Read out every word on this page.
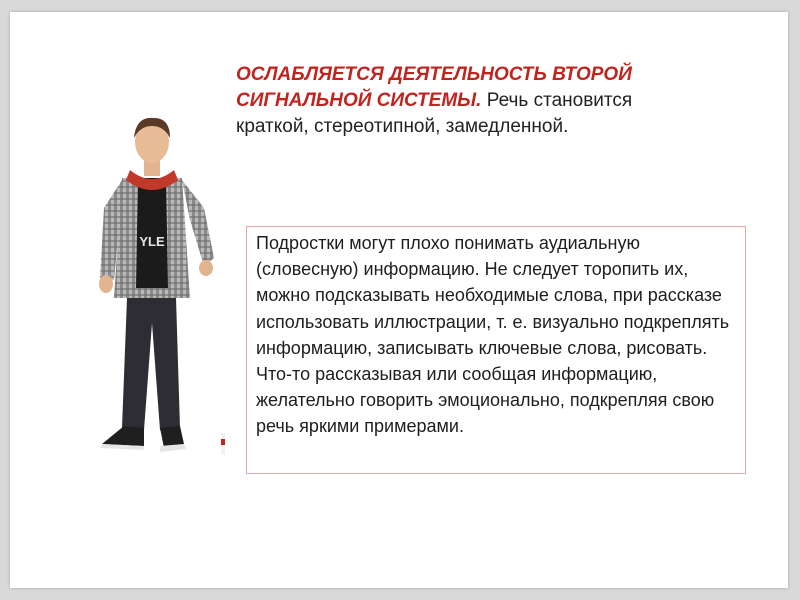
YLE
ОСЛАБЛЯЕТСЯ ДЕЯТЕЛЬНОСТЬ ВТОРОЙ СИГНАЛЬНОЙ СИСТЕМЫ. Речь становится краткой, стереотипной, замедленной.
Подростки могут плохо понимать аудиальную (словесную) информацию. Не следует торопить их, можно подсказывать необходимые слова, при рассказе использовать иллюстрации, т. е. визуально подкреплять информацию, записывать ключевые слова, рисовать. Что-то рассказывая или сообщая информацию, желательно говорить эмоционально, подкрепляя свою речь яркими примерами.
